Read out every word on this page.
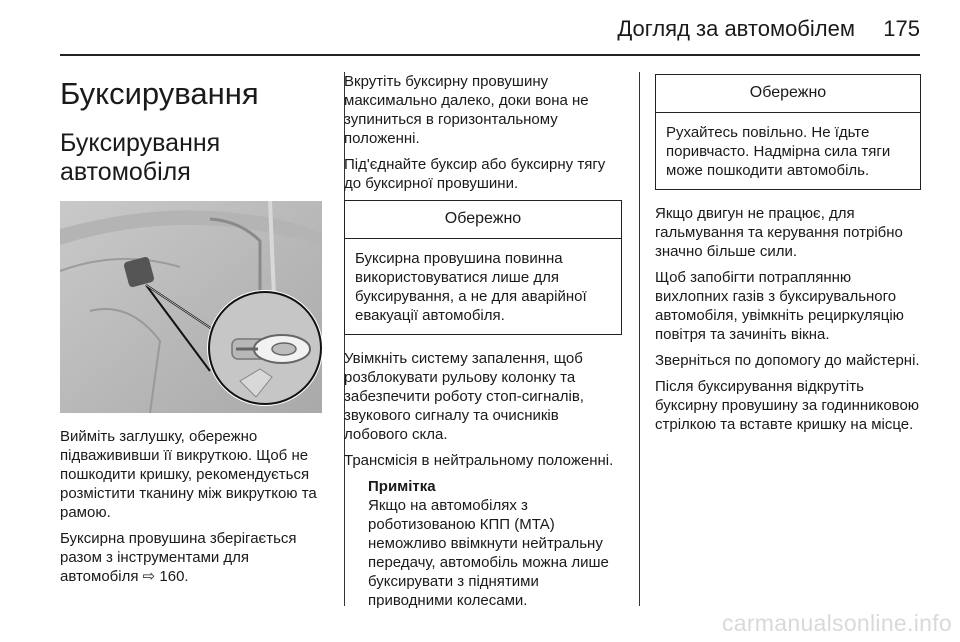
Догляд за автомобілем 175
Буксирування
Буксирування автомобіля

Вийміть заглушку, обережно підважививши її викруткою. Щоб не пошкодити кришку, рекомендується розмістити тканину між викруткою та рамою.

Буксирна провушина зберігається разом з інструментами для автомобіля ⇨ 160.

Вкрутіть буксирну провушину максимально далеко, доки вона не зупиниться в горизонтальному положенні.

Під'єднайте буксир або буксирну тягу до буксирної провушини.

Обережно
Буксирна провушина повинна використовуватися лише для буксирування, а не для аварійної евакуації автомобіля.

Увімкніть систему запалення, щоб розблокувати рульову колонку та забезпечити роботу стоп-сигналів, звукового сигналу та очисників лобового скла.

Трансмісія в нейтральному положенні.

Примітка
Якщо на автомобілях з роботизованою КПП (MTA) неможливо ввімкнути нейтральну передачу, автомобіль можна лише буксирувати з піднятими приводними колесами.
Обережно
Рухайтесь повільно. Не їдьте поривчасто. Надмірна сила тяги може пошкодити автомобіль.

Якщо двигун не працює, для гальмування та керування потрібно значно більше сили.

Щоб запобігти потраплянню вихлопних газів з буксирувального автомобіля, увімкніть рециркуляцію повітря та зачиніть вікна.

Зверніться по допомогу до майстерні.

Після буксирування відкрутіть буксирну провушину за годинниковою стрілкою та вставте кришку на місце.

carmanualsonline.info
